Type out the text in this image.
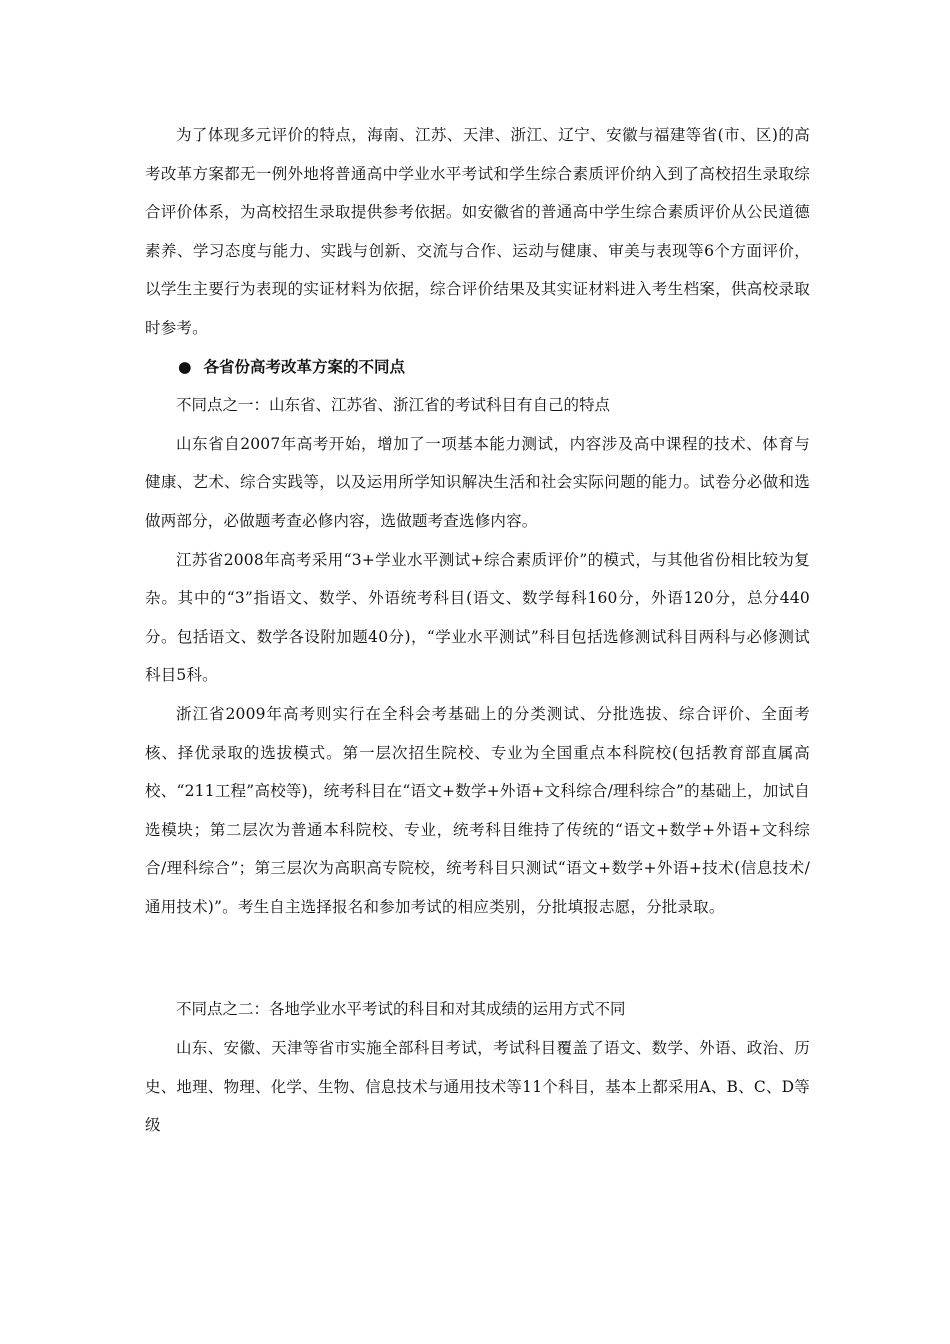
为了体现多元评价的特点，海南、江苏、天津、浙江、辽宁、安徽与福建等省(市、区)的高考改革方案都无一例外地将普通高中学业水平考试和学生综合素质评价纳入到了高校招生录取综合评价体系，为高校招生录取提供参考依据。如安徽省的普通高中学生综合素质评价从公民道德素养、学习态度与能力、实践与创新、交流与合作、运动与健康、审美与表现等6个方面评价，以学生主要行为表现的实证材料为依据，综合评价结果及其实证材料进入考生档案，供高校录取时参考。

● 各省份高考改革方案的不同点

不同点之一：山东省、江苏省、浙江省的考试科目有自己的特点

山东省自2007年高考开始，增加了一项基本能力测试，内容涉及高中课程的技术、体育与健康、艺术、综合实践等，以及运用所学知识解决生活和社会实际问题的能力。试卷分必做和选做两部分，必做题考查必修内容，选做题考查选修内容。

江苏省2008年高考采用“3+学业水平测试+综合素质评价”的模式，与其他省份相比较为复杂。其中的“3”指语文、数学、外语统考科目(语文、数学每科160分，外语120分，总分440分。包括语文、数学各设附加题40分)，“学业水平测试”科目包括选修测试科目两科与必修测试科目5科。

浙江省2009年高考则实行在全科会考基础上的分类测试、分批选拔、综合评价、全面考核、择优录取的选拔模式。第一层次招生院校、专业为全国重点本科院校(包括教育部直属高校、“211工程”高校等)，统考科目在“语文+数学+外语+文科综合/理科综合”的基础上，加试自选模块；第二层次为普通本科院校、专业，统考科目维持了传统的“语文+数学+外语+文科综合/理科综合”；第三层次为高职高专院校，统考科目只测试“语文+数学+外语+技术(信息技术/通用技术)”。考生自主选择报名和参加考试的相应类别，分批填报志愿，分批录取。

不同点之二：各地学业水平考试的科目和对其成绩的运用方式不同

山东、安徽、天津等省市实施全部科目考试，考试科目覆盖了语文、数学、外语、政治、历史、地理、物理、化学、生物、信息技术与通用技术等11个科目，基本上都采用A、B、C、D等级
